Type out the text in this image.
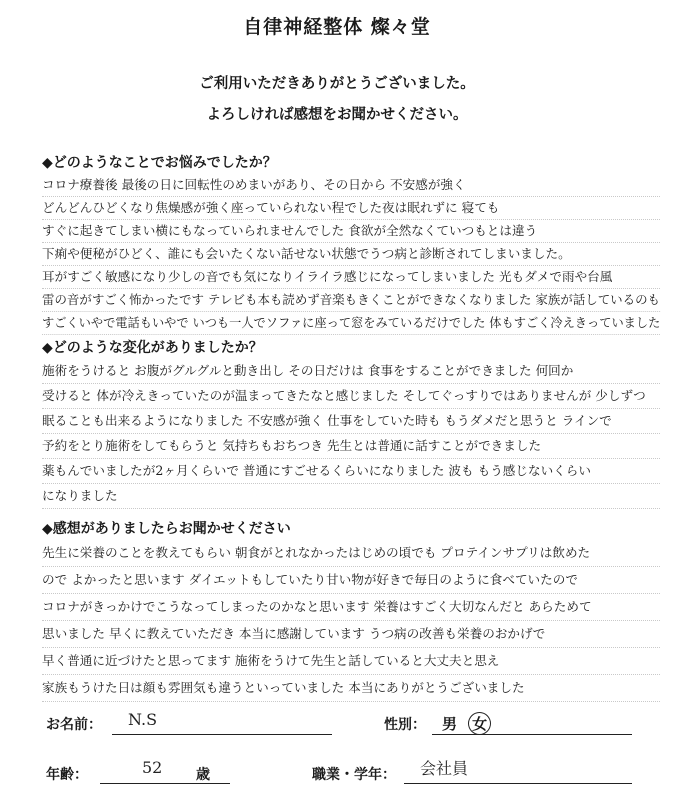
自律神経整体 燦々堂
ご利用いただきありがとうございました。
よろしければ感想をお聞かせください。
◆どのようなことでお悩みでしたか？
コロナ療養後 最後の日に回転性のめまいがあり、その日から 不安感が強く
どんどんひどくなり焦燥感が強く座っていられない程でした夜は眠れずに 寝ても
すぐに起きてしまい横にもなっていられませんでした 食欲が全然なくていつもとは違う
下痢や便秘がひどく、誰にも会いたくない話せない状態でうつ病と診断されてしまいました。
耳がすごく敏感になり少しの音でも気になりイライラ感じになってしまいました 光もダメで雨や台風
雷の音がすごく怖かったです テレビも本も読めず音楽もきくことができなくなりました 家族が話しているのも
すごくいやで電話もいやで いつも一人でソファに座って窓をみているだけでした 体もすごく冷えきっていました
◆どのような変化がありましたか？
施術をうけると お腹がグルグルと動き出し その日だけは 食事をすることができました 何回か
受けると 体が冷えきっていたのが温まってきたなと感じました そしてぐっすりではありませんが 少しずつ
眠ることも出来るようになりました 不安感が強く 仕事をしていた時も もうダメだと思うと ラインで
予約をとり施術をしてもらうと 気持ちもおちつき 先生とは普通に話すことができました
薬もんでいましたが2ヶ月くらいで 普通にすごせるくらいになりました 波も もう感じないくらい
になりました
◆感想がありましたらお聞かせください
先生に栄養のことを教えてもらい 朝食がとれなかったはじめの頃でも プロテインサプリは飲めた
ので よかったと思います ダイエットもしていたり甘い物が好きで毎日のように食べていたので
コロナがきっかけでこうなってしまったのかなと思います 栄養はすごく大切なんだと あらためて
思いました 早くに教えていただき 本当に感謝しています うつ病の改善も栄養のおかげで
早く普通に近づけたと思ってます 施術をうけて先生と話していると大丈夫と思え
家族もうけた日は顔も雰囲気も違うといっていました 本当にありがとうございました
お名前： N.S	性別： 男 女
年齢：	52 歳	職業・学年： 会社員
